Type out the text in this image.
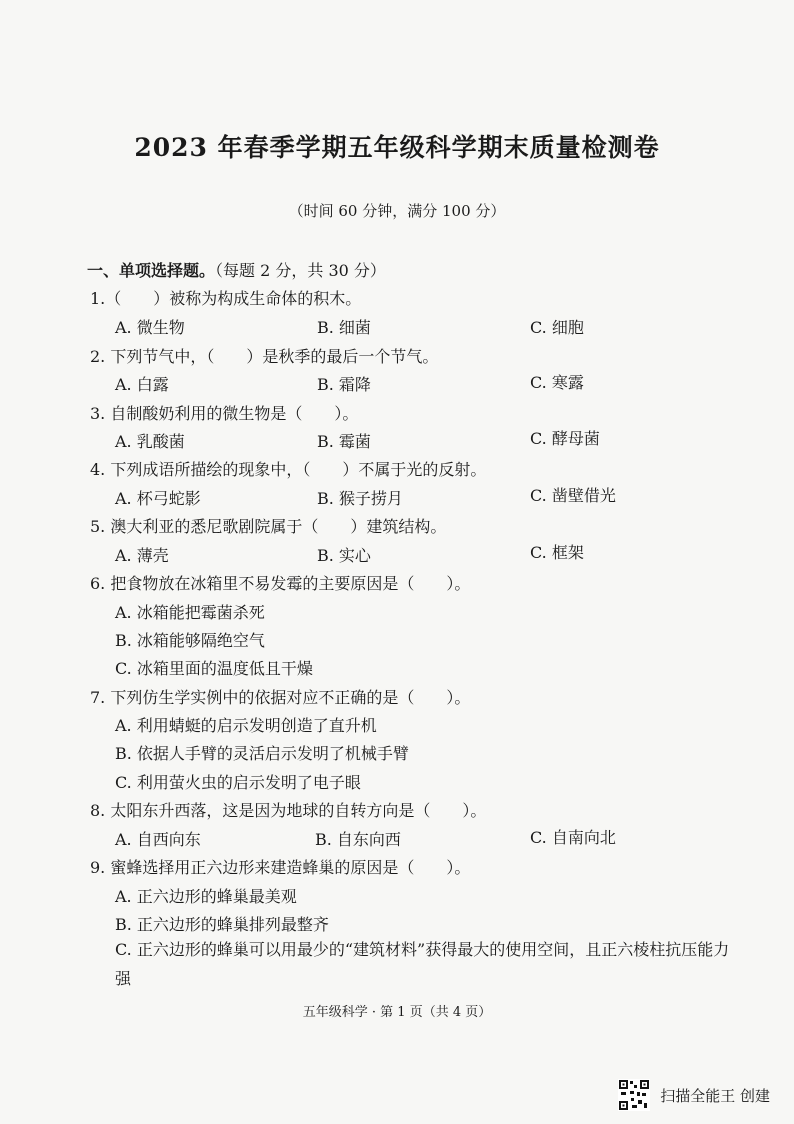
2023 年春季学期五年级科学期末质量检测卷
（时间 60 分钟，满分 100 分）
一、单项选择题。（每题 2 分，共 30 分）
1.（　　）被称为构成生命体的积木。
A. 微生物	B. 细菌	C. 细胞
2. 下列节气中，（　　）是秋季的最后一个节气。
A. 白露	B. 霜降	C. 寒露
3. 自制酸奶利用的微生物是（　　）。
A. 乳酸菌	B. 霉菌	C. 酵母菌
4. 下列成语所描绘的现象中，（　　）不属于光的反射。
A. 杯弓蛇影	B. 猴子捞月	C. 凿壁借光
5. 澳大利亚的悉尼歌剧院属于（　　）建筑结构。
A. 薄壳	B. 实心	C. 框架
6. 把食物放在冰箱里不易发霉的主要原因是（　　）。
A. 冰箱能把霉菌杀死
B. 冰箱能够隔绝空气
C. 冰箱里面的温度低且干燥
7. 下列仿生学实例中的依据对应不正确的是（　　）。
A. 利用蜻蜓的启示发明创造了直升机
B. 依据人手臂的灵活启示发明了机械手臂
C. 利用萤火虫的启示发明了电子眼
8. 太阳东升西落，这是因为地球的自转方向是（　　）。
A. 自西向东	B. 自东向西	C. 自南向北
9. 蜜蜂选择用正六边形来建造蜂巢的原因是（　　）。
A. 正六边形的蜂巢最美观
B. 正六边形的蜂巢排列最整齐
C. 正六边形的蜂巢可以用最少的“建筑材料”获得最大的使用空间，且正六棱柱抗压能力强
五年级科学 · 第 1 页（共 4 页）
扫描全能王 创建
